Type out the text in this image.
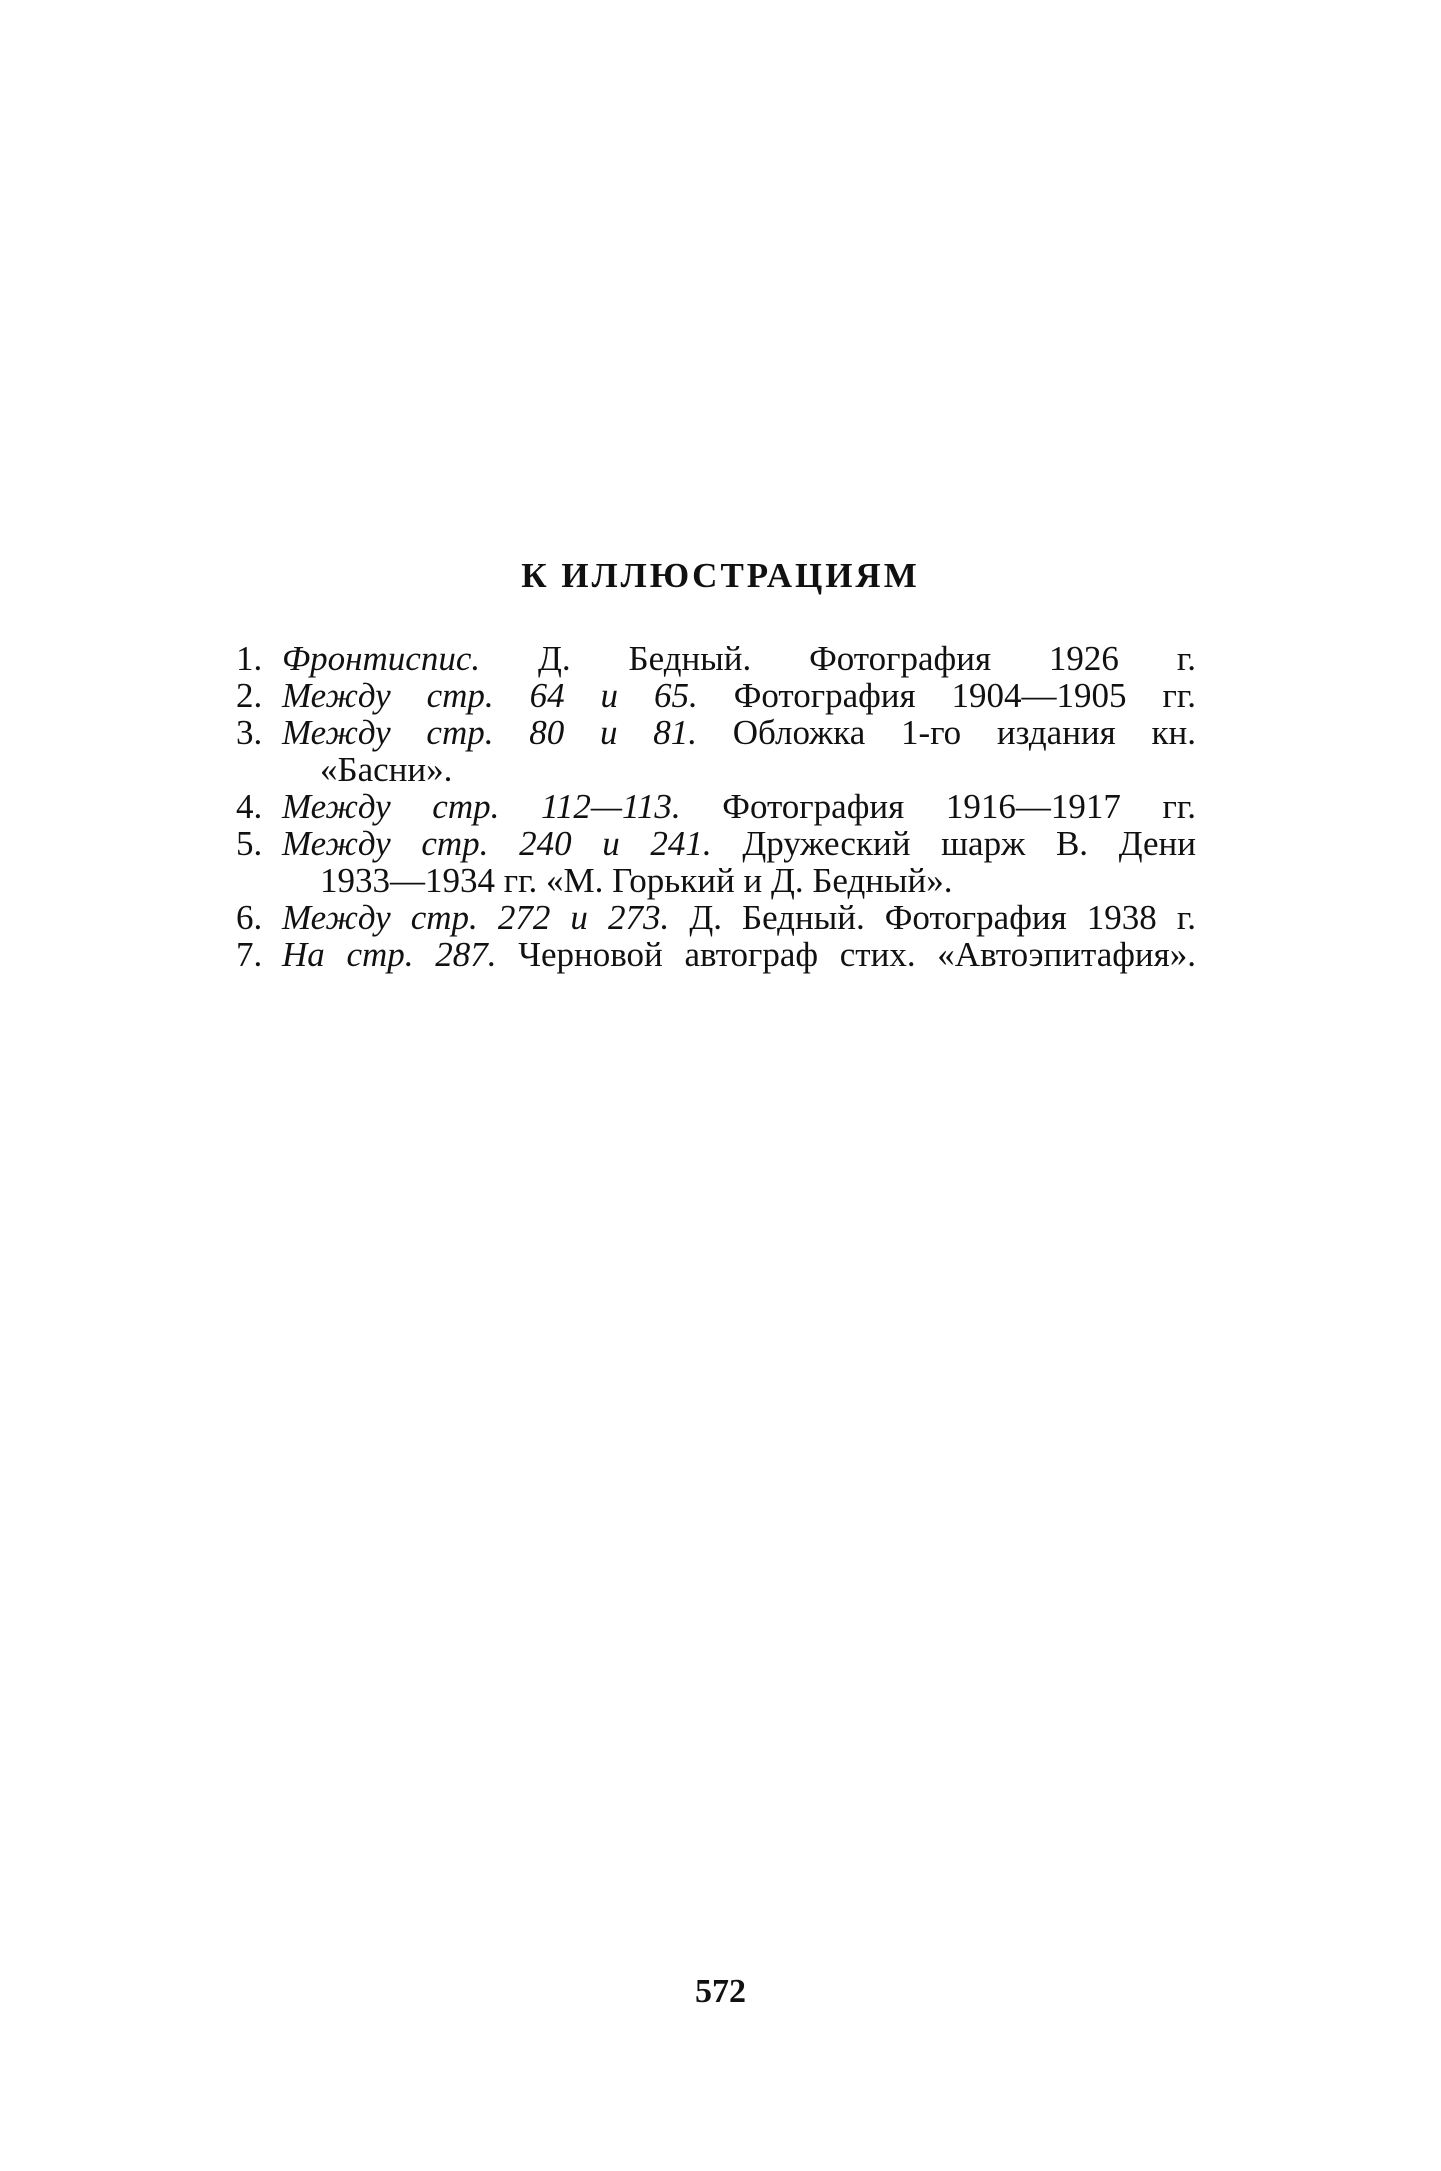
К ИЛЛЮСТРАЦИЯМ
1. Фронтиспис. Д. Бедный. Фотография 1926 г.
2. Между стр. 64 и 65. Фотография 1904—1905 гг.
3. Между стр. 80 и 81. Обложка 1-го издания кн.
«Басни».
4. Между стр. 112—113. Фотография 1916—1917 гг.
5. Между стр. 240 и 241. Дружеский шарж В. Дени
1933—1934 гг. «М. Горький и Д. Бедный».
6. Между стр. 272 и 273. Д. Бедный. Фотография 1938 г.
7. На стр. 287. Черновой автограф стих. «Автоэпитафия».
572
